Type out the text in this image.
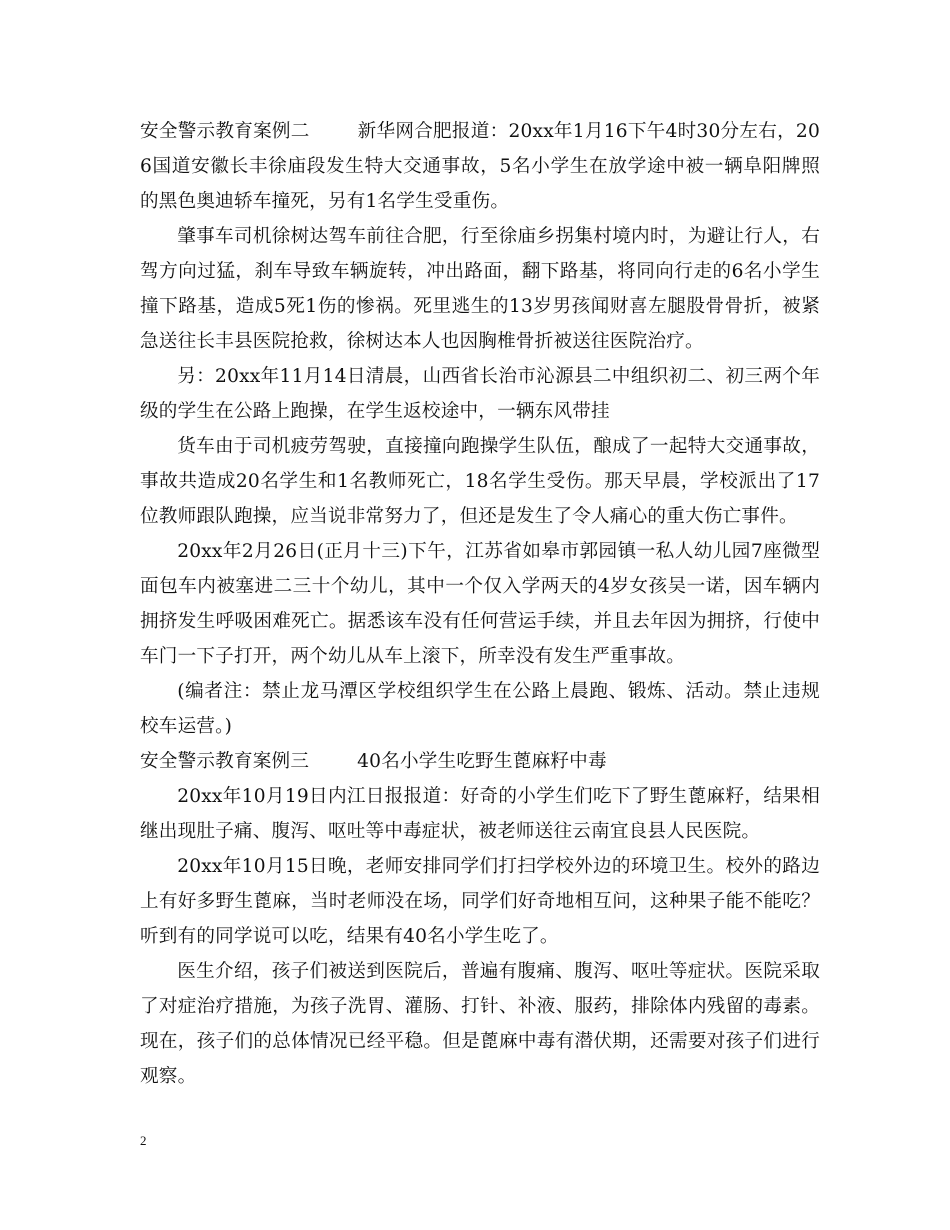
安全警示教育案例二	新华网合肥报道：20xx年1月16下午4时30分左右，206国道安徽长丰徐庙段发生特大交通事故，5名小学生在放学途中被一辆阜阳牌照的黑色奥迪轿车撞死，另有1名学生受重伤。

肇事车司机徐树达驾车前往合肥，行至徐庙乡拐集村境内时，为避让行人，右驾方向过猛，刹车导致车辆旋转，冲出路面，翻下路基，将同向行走的6名小学生撞下路基，造成5死1伤的惨祸。死里逃生的13岁男孩闻财喜左腿股骨骨折，被紧急送往长丰县医院抢救，徐树达本人也因胸椎骨折被送往医院治疗。

另：20xx年11月14日清晨，山西省长治市沁源县二中组织初二、初三两个年级的学生在公路上跑操，在学生返校途中，一辆东风带挂

货车由于司机疲劳驾驶，直接撞向跑操学生队伍，酿成了一起特大交通事故，事故共造成20名学生和1名教师死亡，18名学生受伤。那天早晨，学校派出了17位教师跟队跑操，应当说非常努力了，但还是发生了令人痛心的重大伤亡事件。

20xx年2月26日(正月十三)下午，江苏省如皋市郭园镇一私人幼儿园7座微型面包车内被塞进二三十个幼儿，其中一个仅入学两天的4岁女孩吴一诺，因车辆内拥挤发生呼吸困难死亡。据悉该车没有任何营运手续，并且去年因为拥挤，行使中车门一下子打开，两个幼儿从车上滚下，所幸没有发生严重事故。

(编者注：禁止龙马潭区学校组织学生在公路上晨跑、锻炼、活动。禁止违规校车运营。)

安全警示教育案例三	40名小学生吃野生蓖麻籽中毒

20xx年10月19日内江日报报道：好奇的小学生们吃下了野生蓖麻籽，结果相继出现肚子痛、腹泻、呕吐等中毒症状，被老师送往云南宜良县人民医院。

20xx年10月15日晚，老师安排同学们打扫学校外边的环境卫生。校外的路边上有好多野生蓖麻，当时老师没在场，同学们好奇地相互问，这种果子能不能吃？听到有的同学说可以吃，结果有40名小学生吃了。

医生介绍，孩子们被送到医院后，普遍有腹痛、腹泻、呕吐等症状。医院采取了对症治疗措施，为孩子洗胃、灌肠、打针、补液、服药，排除体内残留的毒素。现在，孩子们的总体情况已经平稳。但是蓖麻中毒有潜伏期，还需要对孩子们进行观察。

2
